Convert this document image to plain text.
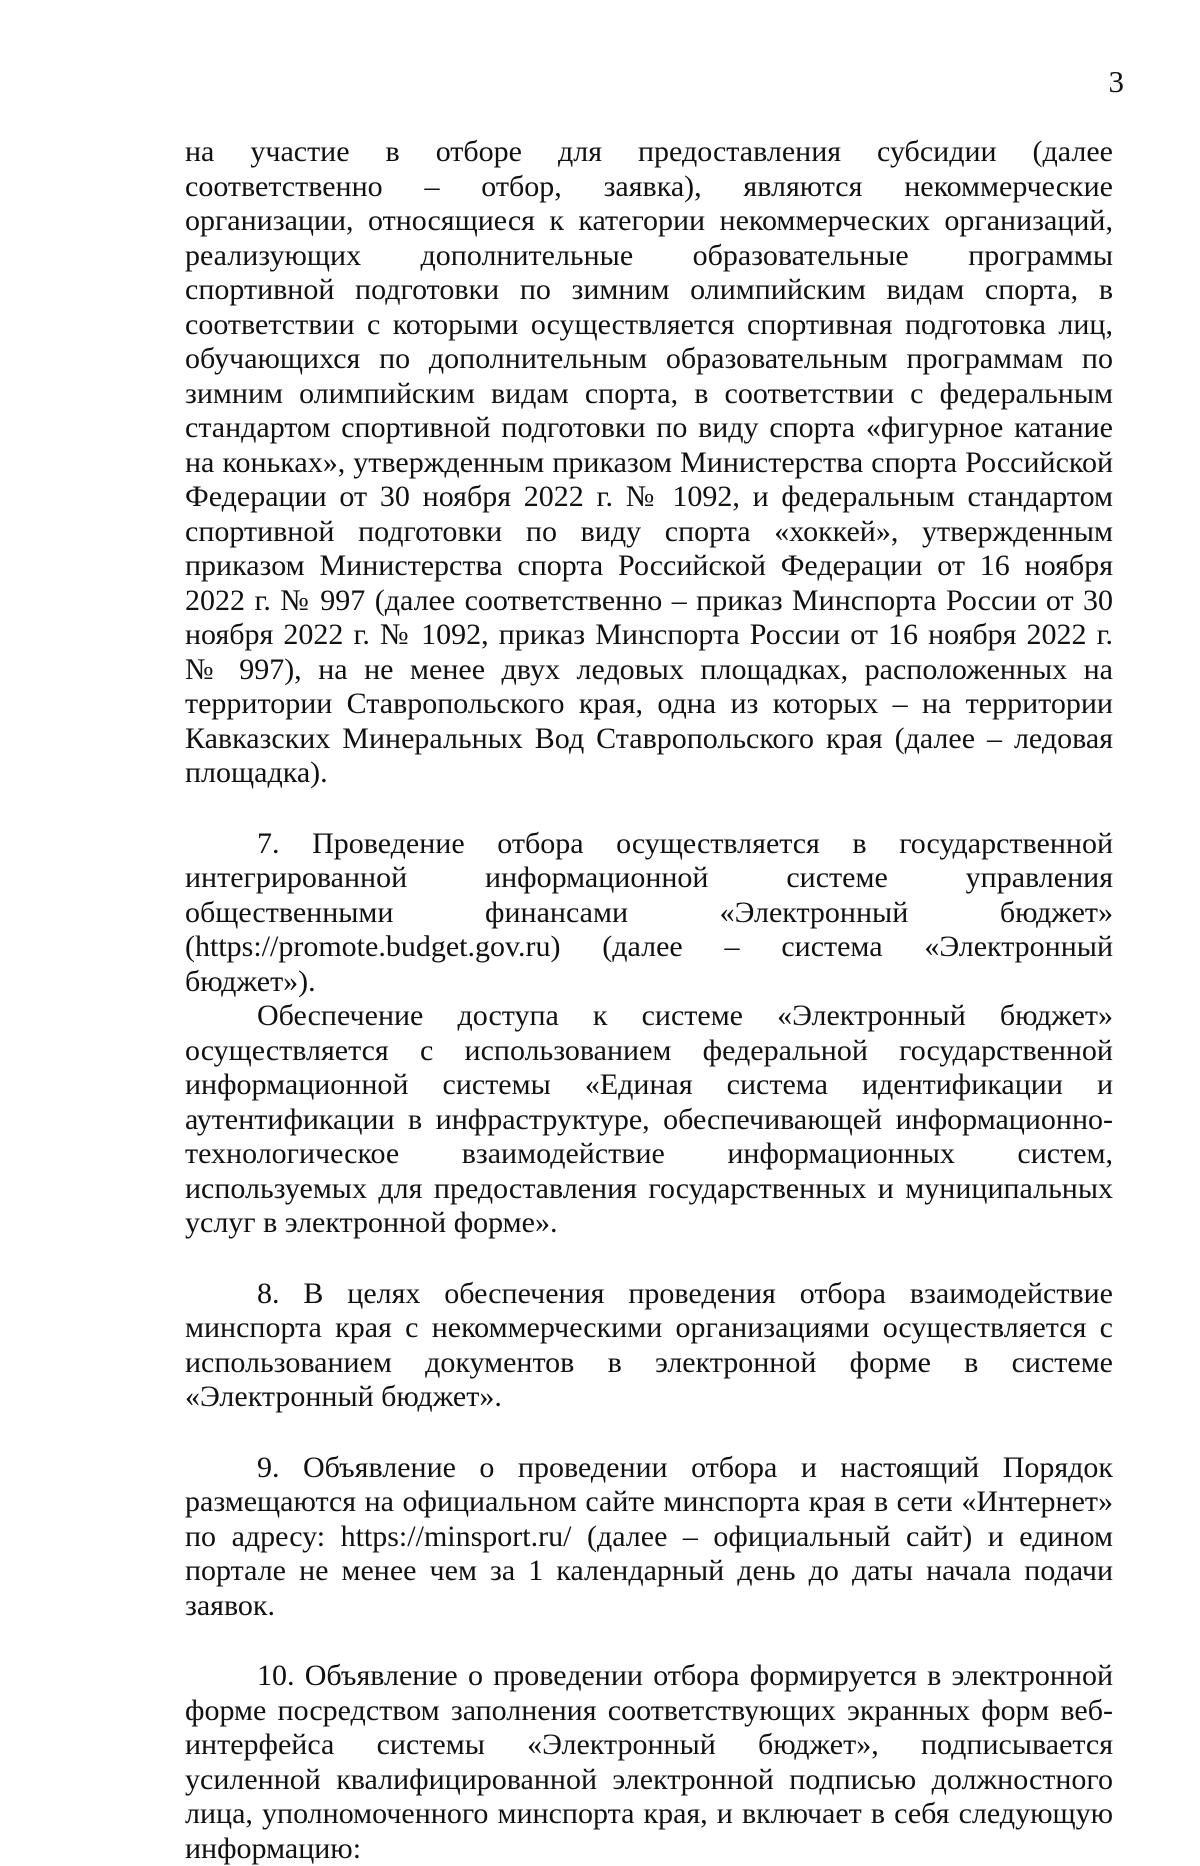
3

на участие в отборе для предоставления субсидии (далее соответственно – отбор, заявка), являются некоммерческие организации, относящиеся к категории некоммерческих организаций, реализующих дополнительные образовательные программы спортивной подготовки по зимним олимпийским видам спорта, в соответствии с которыми осуществляется спортивная подготовка лиц, обучающихся по дополнительным образовательным программам по зимним олимпийским видам спорта, в соответствии с федеральным стандартом спортивной подготовки по виду спорта «фигурное катание на коньках», утвержденным приказом Министерства спорта Российской Федерации от 30 ноября 2022 г. № 1092, и федеральным стандартом спортивной подготовки по виду спорта «хоккей», утвержденным приказом Министерства спорта Российской Федерации от 16 ноября 2022 г. № 997 (далее соответственно – приказ Минспорта России от 30 ноября 2022 г. № 1092, приказ Минспорта России от 16 ноября 2022 г. № 997), на не менее двух ледовых площадках, расположенных на территории Ставропольского края, одна из которых – на территории Кавказских Минеральных Вод Ставропольского края (далее – ледовая площадка).

7. Проведение отбора осуществляется в государственной интегрированной информационной системе управления общественными финансами «Электронный бюджет» (https://promote.budget.gov.ru) (далее – система «Электронный бюджет»).

Обеспечение доступа к системе «Электронный бюджет» осуществляется с использованием федеральной государственной информационной системы «Единая система идентификации и аутентификации в инфраструктуре, обеспечивающей информационно-технологическое взаимодействие информационных систем, используемых для предоставления государственных и муниципальных услуг в электронной форме».

8. В целях обеспечения проведения отбора взаимодействие минспорта края с некоммерческими организациями осуществляется с использованием документов в электронной форме в системе «Электронный бюджет».

9. Объявление о проведении отбора и настоящий Порядок размещаются на официальном сайте минспорта края в сети «Интернет» по адресу: https://minsport.ru/ (далее – официальный сайт) и едином портале не менее чем за 1 календарный день до даты начала подачи заявок.

10. Объявление о проведении отбора формируется в электронной форме посредством заполнения соответствующих экранных форм веб-интерфейса системы «Электронный бюджет», подписывается усиленной квалифицированной электронной подписью должностного лица, уполномоченного минспорта края, и включает в себя следующую информацию:
